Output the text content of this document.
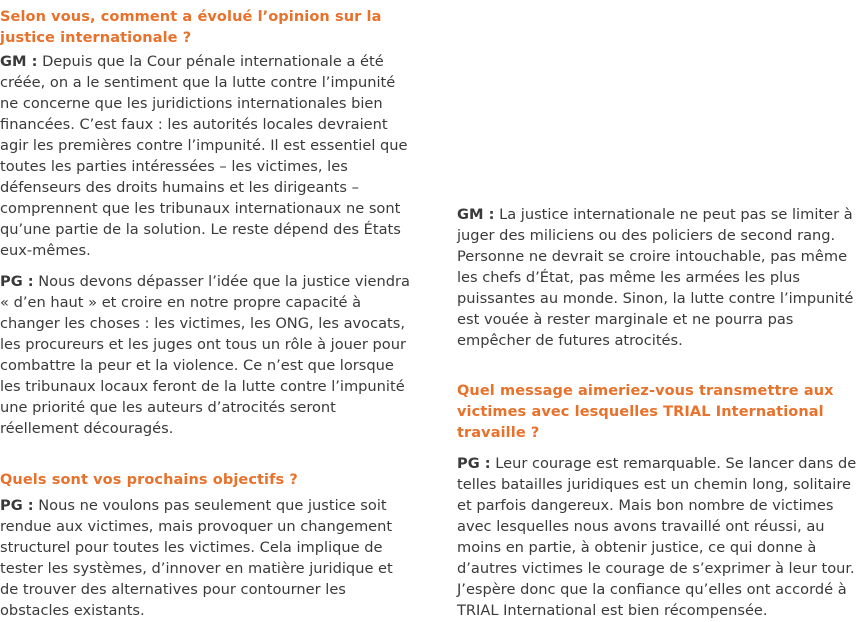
Selon vous, comment a évolué l’opinion sur la justice internationale ?

GM : Depuis que la Cour pénale internationale a été créée, on a le sentiment que la lutte contre l’impunité ne concerne que les juridictions internationales bien financées. C’est faux : les autorités locales devraient agir les premières contre l’impunité. Il est essentiel que toutes les parties intéressées – les victimes, les défenseurs des droits humains et les dirigeants – comprennent que les tribunaux internationaux ne sont qu’une partie de la solution. Le reste dépend des États eux-mêmes.

PG : Nous devons dépasser l’idée que la justice viendra « d’en haut » et croire en notre propre capacité à changer les choses : les victimes, les ONG, les avocats, les procureurs et les juges ont tous un rôle à jouer pour combattre la peur et la violence. Ce n’est que lorsque les tribunaux locaux feront de la lutte contre l’impunité une priorité que les auteurs d’atrocités seront réellement découragés.

Quels sont vos prochains objectifs ?

PG : Nous ne voulons pas seulement que justice soit rendue aux victimes, mais provoquer un changement structurel pour toutes les victimes. Cela implique de tester les systèmes, d’innover en matière juridique et de trouver des alternatives pour contourner les obstacles existants.

GM : La justice internationale ne peut pas se limiter à juger des miliciens ou des policiers de second rang. Personne ne devrait se croire intouchable, pas même les chefs d’État, pas même les armées les plus puissantes au monde. Sinon, la lutte contre l’impunité est vouée à rester marginale et ne pourra pas empêcher de futures atrocités.

Quel message aimeriez-vous transmettre aux victimes avec lesquelles TRIAL International travaille ?

PG : Leur courage est remarquable. Se lancer dans de telles batailles juridiques est un chemin long, solitaire et parfois dangereux. Mais bon nombre de victimes avec lesquelles nous avons travaillé ont réussi, au moins en partie, à obtenir justice, ce qui donne à d’autres victimes le courage de s’exprimer à leur tour. J’espère donc que la confiance qu’elles ont accordé à TRIAL International est bien récompensée.
